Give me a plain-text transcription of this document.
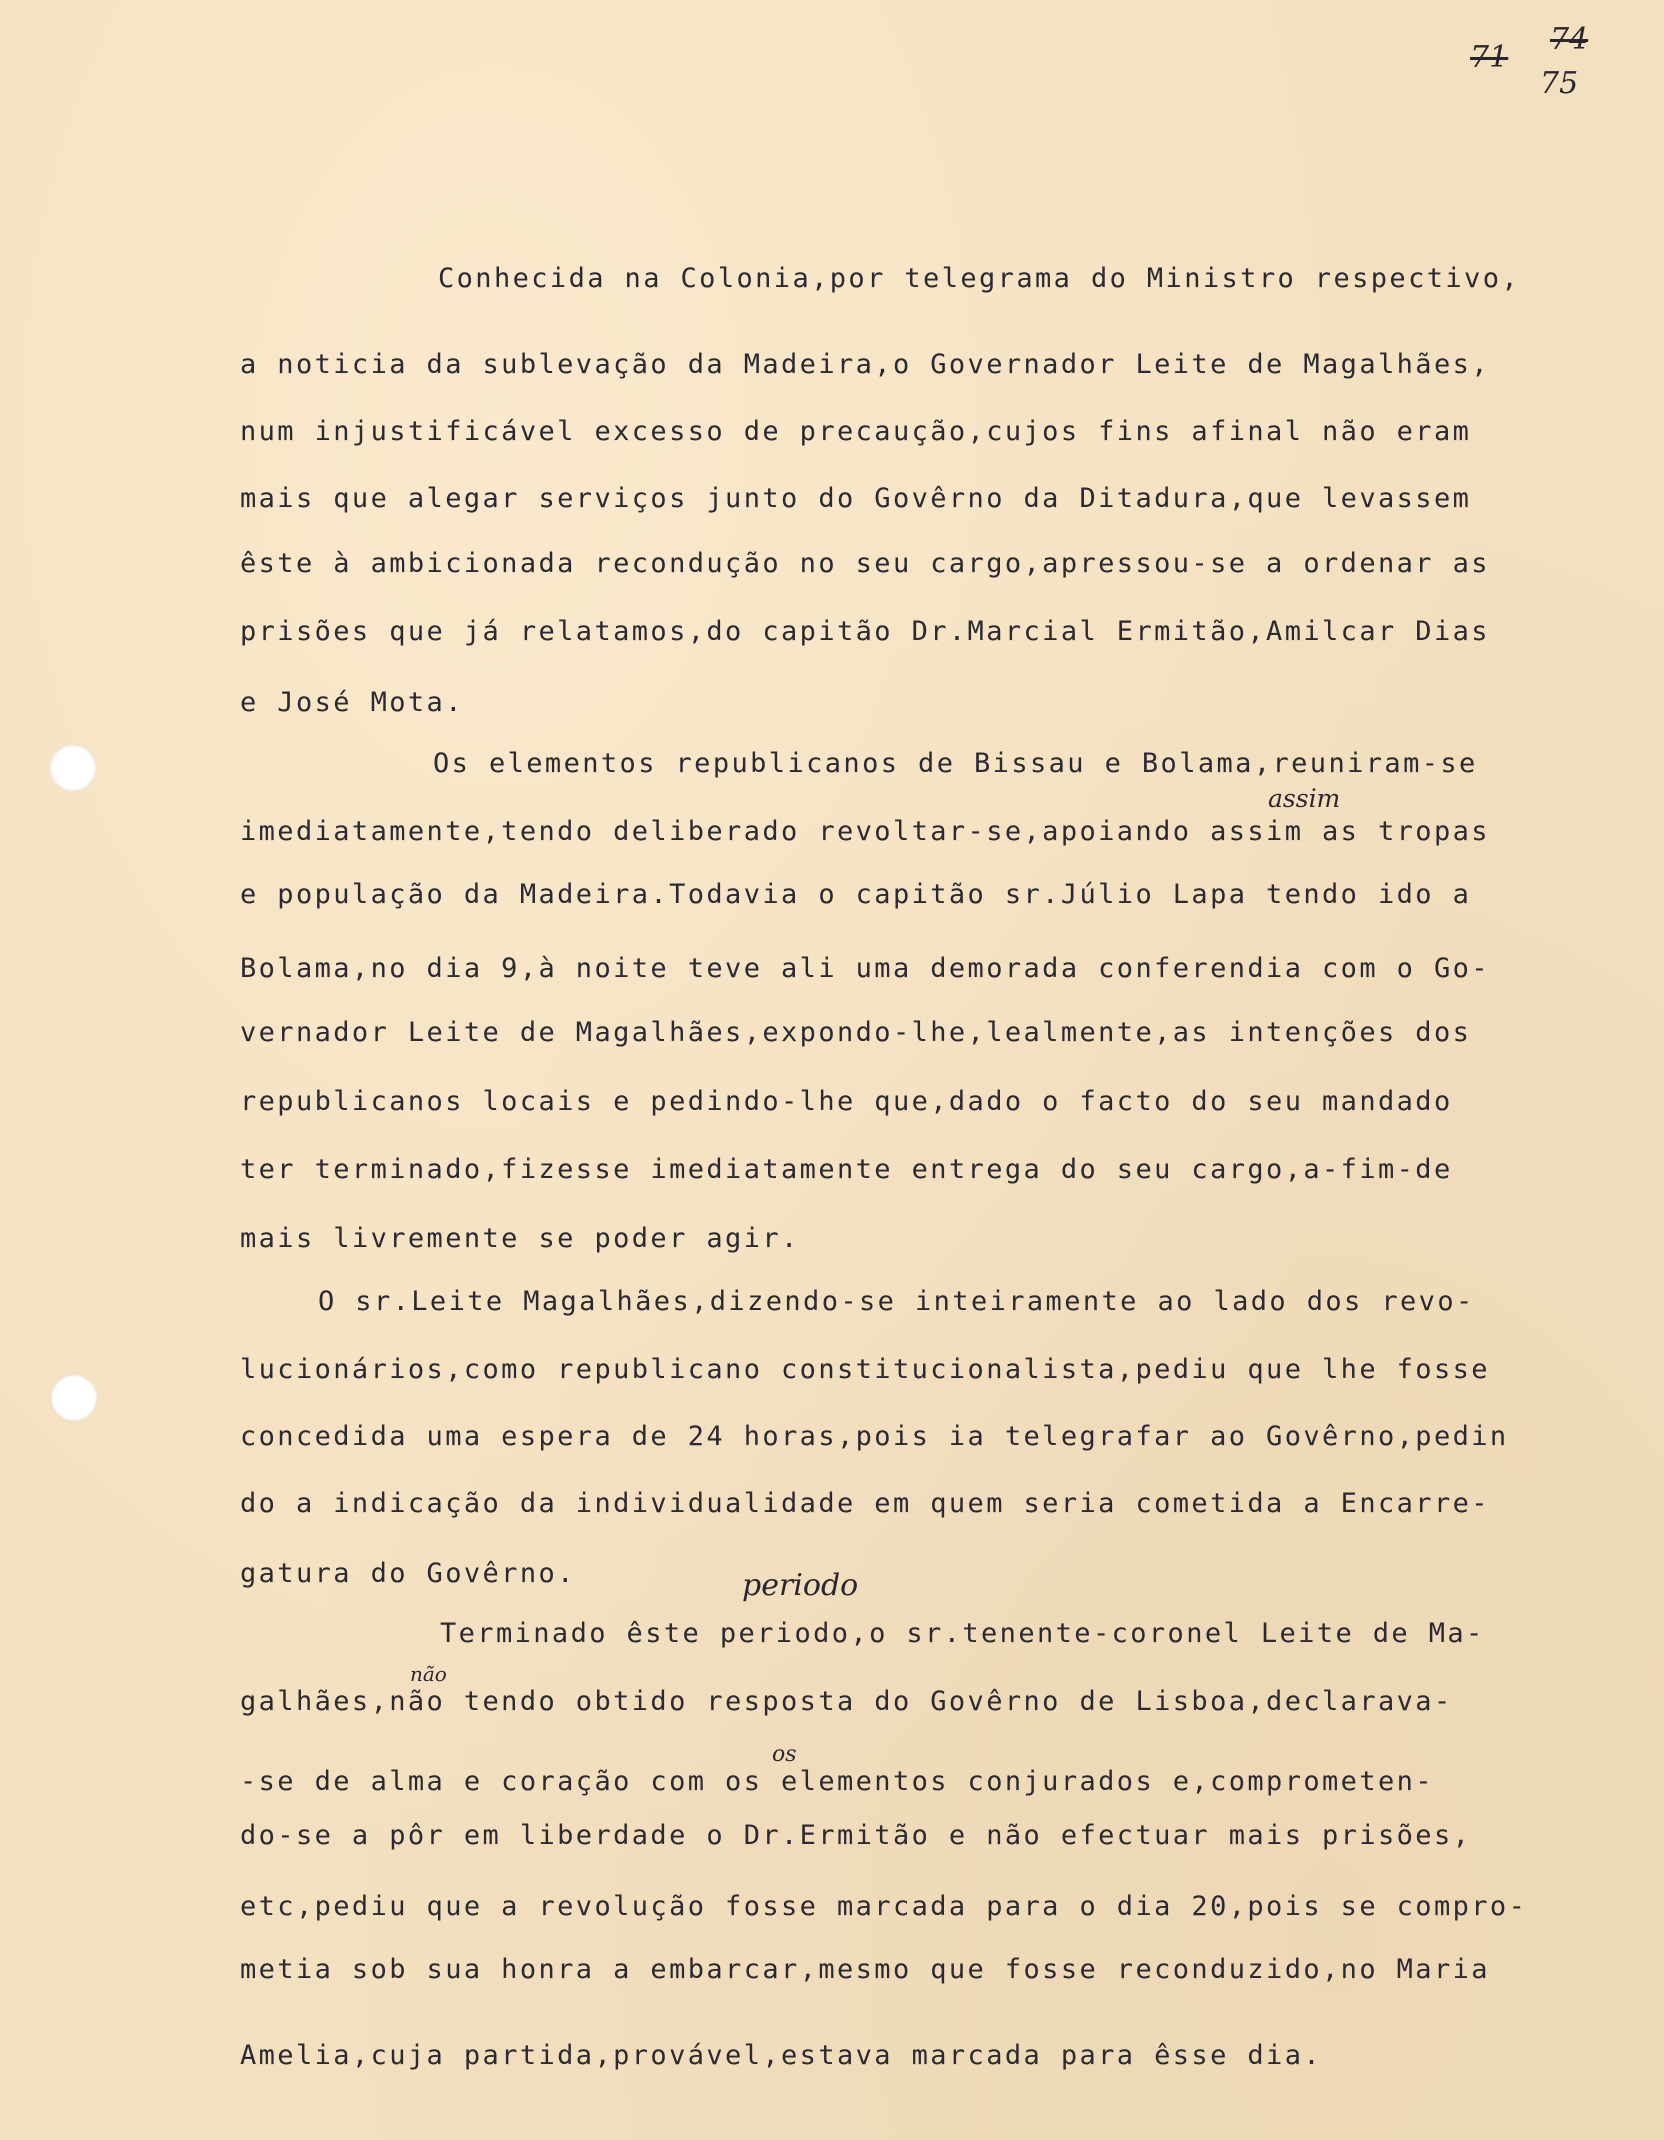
71
74
75
Conhecida na Colonia,por telegrama do Ministro respectivo,
a noticia da sublevação da Madeira,o Governador Leite de Magalhães,
num injustificável excesso de precaução,cujos fins afinal não eram
mais que alegar serviços junto do Govêrno da Ditadura,que levassem
êste à ambicionada recondução no seu cargo,apressou-se a ordenar as
prisões que já relatamos,do capitão Dr.Marcial Ermitão,Amilcar Dias
e José Mota.
Os elementos republicanos de Bissau e Bolama,reuniram-se
imediatamente,tendo deliberado revoltar-se,apoiando assim as tropas
e população da Madeira.Todavia o capitão sr.Júlio Lapa tendo ido a
Bolama,no dia 9,à noite teve ali uma demorada conferendia com o Go-
vernador Leite de Magalhães,expondo-lhe,lealmente,as intenções dos
republicanos locais e pedindo-lhe que,dado o facto do seu mandado
ter terminado,fizesse imediatamente entrega do seu cargo,a-fim-de
mais livremente se poder agir.
O sr.Leite Magalhães,dizendo-se inteiramente ao lado dos revo-
lucionários,como republicano constitucionalista,pediu que lhe fosse
concedida uma espera de 24 horas,pois ia telegrafar ao Govêrno,pedin
do a indicação da individualidade em quem seria cometida a Encarre-
gatura do Govêrno.
Terminado êste periodo,o sr.tenente-coronel Leite de Ma-
galhães,não tendo obtido resposta do Govêrno de Lisboa,declarava-
-se de alma e coração com os elementos conjurados e,comprometen-
do-se a pôr em liberdade o Dr.Ermitão e não efectuar mais prisões,
etc,pediu que a revolução fosse marcada para o dia 20,pois se compro-
metia sob sua honra a embarcar,mesmo que fosse reconduzido,no Maria
Amelia,cuja partida,provável,estava marcada para êsse dia.
assim
periodo
não
os
